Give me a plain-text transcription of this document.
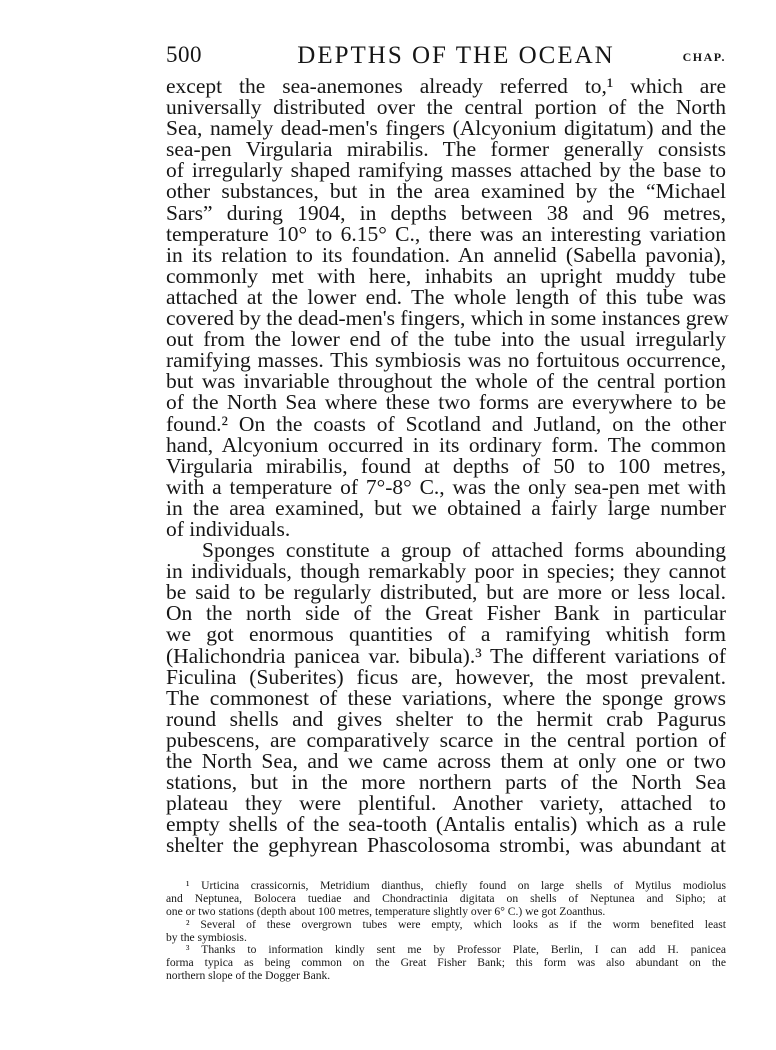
500	DEPTHS OF THE OCEAN	CHAP.
except the sea-anemones already referred to,¹ which are
universally distributed over the central portion of the North
Sea, namely dead-men's fingers (Alcyonium digitatum) and the
sea-pen Virgularia mirabilis. The former generally consists
of irregularly shaped ramifying masses attached by the base to
other substances, but in the area examined by the “Michael
Sars” during 1904, in depths between 38 and 96 metres,
temperature 10° to 6.15° C., there was an interesting variation
in its relation to its foundation. An annelid (Sabella pavonia),
commonly met with here, inhabits an upright muddy tube
attached at the lower end. The whole length of this tube was
covered by the dead-men's fingers, which in some instances grew
out from the lower end of the tube into the usual irregularly
ramifying masses. This symbiosis was no fortuitous occurrence,
but was invariable throughout the whole of the central portion
of the North Sea where these two forms are everywhere to be
found.² On the coasts of Scotland and Jutland, on the other
hand, Alcyonium occurred in its ordinary form. The common
Virgularia mirabilis, found at depths of 50 to 100 metres,
with a temperature of 7°-8° C., was the only sea-pen met with
in the area examined, but we obtained a fairly large number
of individuals.
Sponges constitute a group of attached forms abounding
in individuals, though remarkably poor in species; they cannot
be said to be regularly distributed, but are more or less local.
On the north side of the Great Fisher Bank in particular
we got enormous quantities of a ramifying whitish form
(Halichondria panicea var. bibula).³ The different variations of
Ficulina (Suberites) ficus are, however, the most prevalent.
The commonest of these variations, where the sponge grows
round shells and gives shelter to the hermit crab Pagurus
pubescens, are comparatively scarce in the central portion of
the North Sea, and we came across them at only one or two
stations, but in the more northern parts of the North Sea
plateau they were plentiful. Another variety, attached to
empty shells of the sea-tooth (Antalis entalis) which as a rule
shelter the gephyrean Phascolosoma strombi, was abundant at
¹ Urticina crassicornis, Metridium dianthus, chiefly found on large shells of Mytilus modiolus
and Neptunea, Bolocera tuediae and Chondractinia digitata on shells of Neptunea and Sipho; at
one or two stations (depth about 100 metres, temperature slightly over 6° C.) we got Zoanthus.
² Several of these overgrown tubes were empty, which looks as if the worm benefited least
by the symbiosis.
³ Thanks to information kindly sent me by Professor Plate, Berlin, I can add H. panicea
forma typica as being common on the Great Fisher Bank; this form was also abundant on the
northern slope of the Dogger Bank.
